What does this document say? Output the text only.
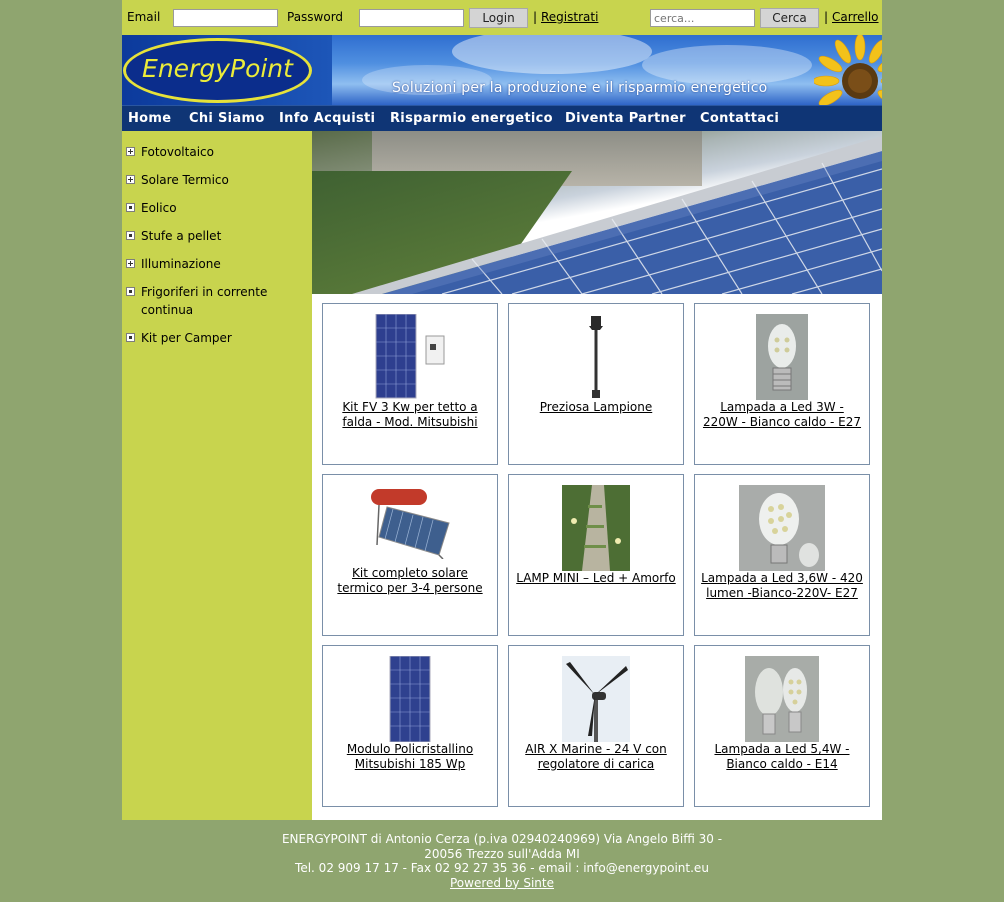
Email	Password	Login	| Registrati
cerca...	Cerca	| Carrello
EnergyPoint
Soluzioni per la produzione e il risparmio energetico
Home Chi Siamo Info Acquisti Risparmio energetico Diventa Partner Contattaci
Fotovoltaico
Solare Termico
Eolico
Stufe a pellet
Illuminazione
Frigoriferi in corrente continua
Kit per Camper
Kit FV 3 Kw per tetto a falda - Mod. Mitsubishi
Preziosa Lampione	Lampada a Led 3W - 220W - Bianco caldo - E27
Kit completo solare termico per 3-4 persone
LAMP MINI – Led + Amorfo Lampada a Led 3,6W - 420 lumen -Bianco-220V- E27
Modulo Policristallino Mitsubishi 185 Wp
AIR X Marine - 24 V con regolatore di carica
Lampada a Led 5,4W - Bianco caldo - E14
ENERGYPOINT di Antonio Cerza (p.iva 02940240969) Via Angelo Biffi 30 -
20056 Trezzo sull'Adda MI
Tel. 02 909 17 17 - Fax 02 92 27 35 36 - email : info@energypoint.eu
Powered by Sinte
